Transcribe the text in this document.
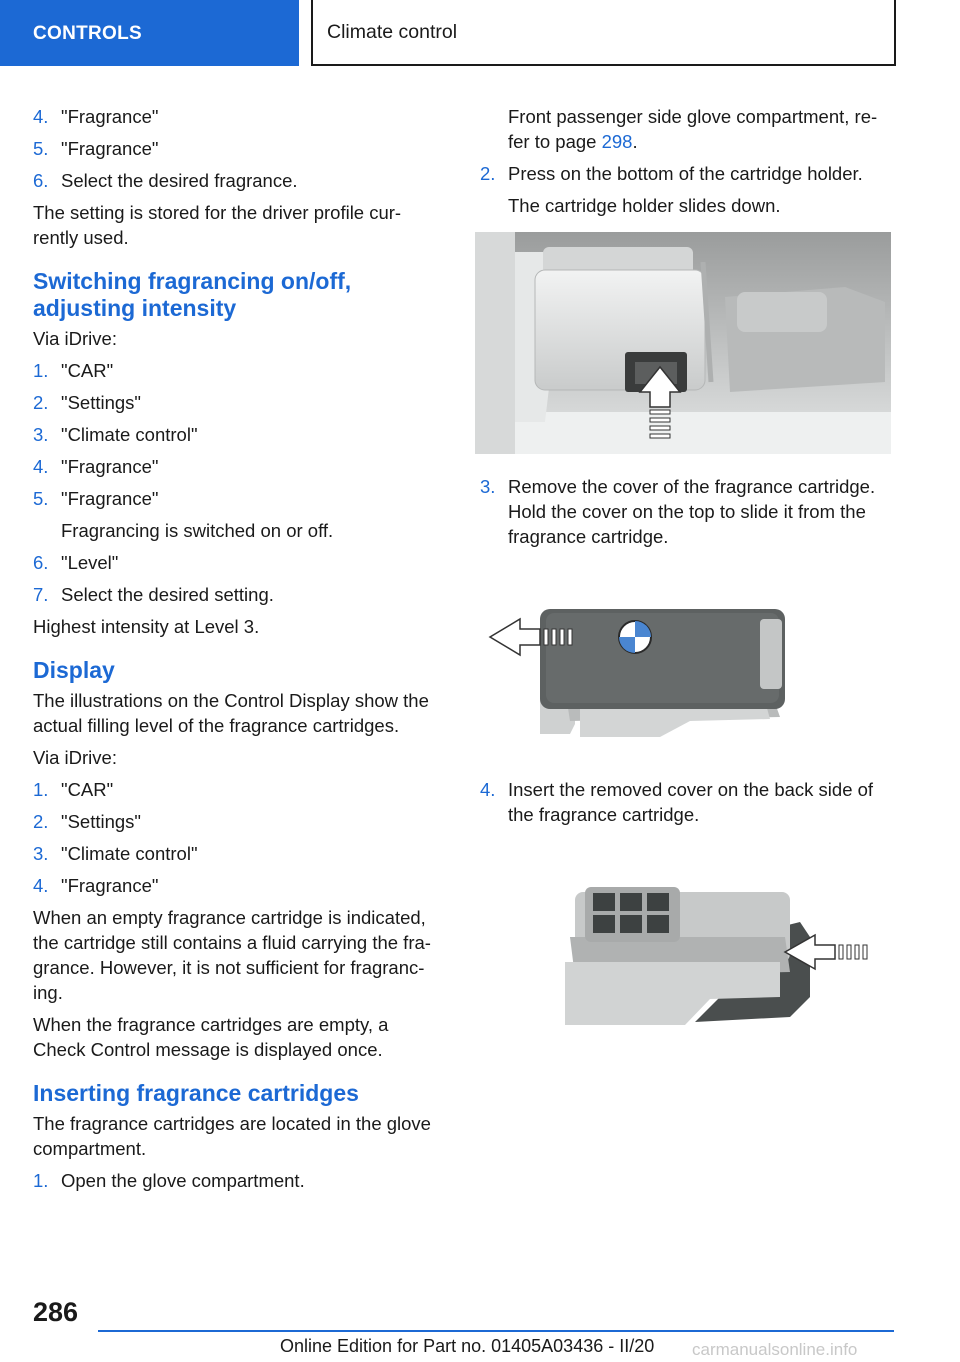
CONTROLS	Climate control
4. "Fragrance"
5. "Fragrance"
6. Select the desired fragrance.

The setting is stored for the driver profile cur-rently used.

Switching fragrancing on/off, adjusting intensity

Via iDrive:

1. "CAR"
2. "Settings"
3. "Climate control"
4. "Fragrance"
5. "Fragrance"
Fragrancing is switched on or off.
6. "Level"
7. Select the desired setting.

Highest intensity at Level 3.

Display

The illustrations on the Control Display show the actual filling level of the fragrance cartridges.

Via iDrive:

1. "CAR"
2. "Settings"
3. "Climate control"
4. "Fragrance"

When an empty fragrance cartridge is indicated, the cartridge still contains a fluid carrying the fra-grance. However, it is not sufficient for fragranc-ing.

When the fragrance cartridges are empty, a Check Control message is displayed once.

Inserting fragrance cartridges

The fragrance cartridges are located in the glove compartment.

1. Open the glove compartment.

Front passenger side glove compartment, re-fer to page 298.

2. Press on the bottom of the cartridge holder.
The cartridge holder slides down.
3. Remove the cover of the fragrance cartridge. Hold the cover on the top to slide it from the fragrance cartridge.
4. Insert the removed cover on the back side of the fragrance cartridge.
286
Online Edition for Part no. 01405A03436 - II/20 carmanualsonline.info
